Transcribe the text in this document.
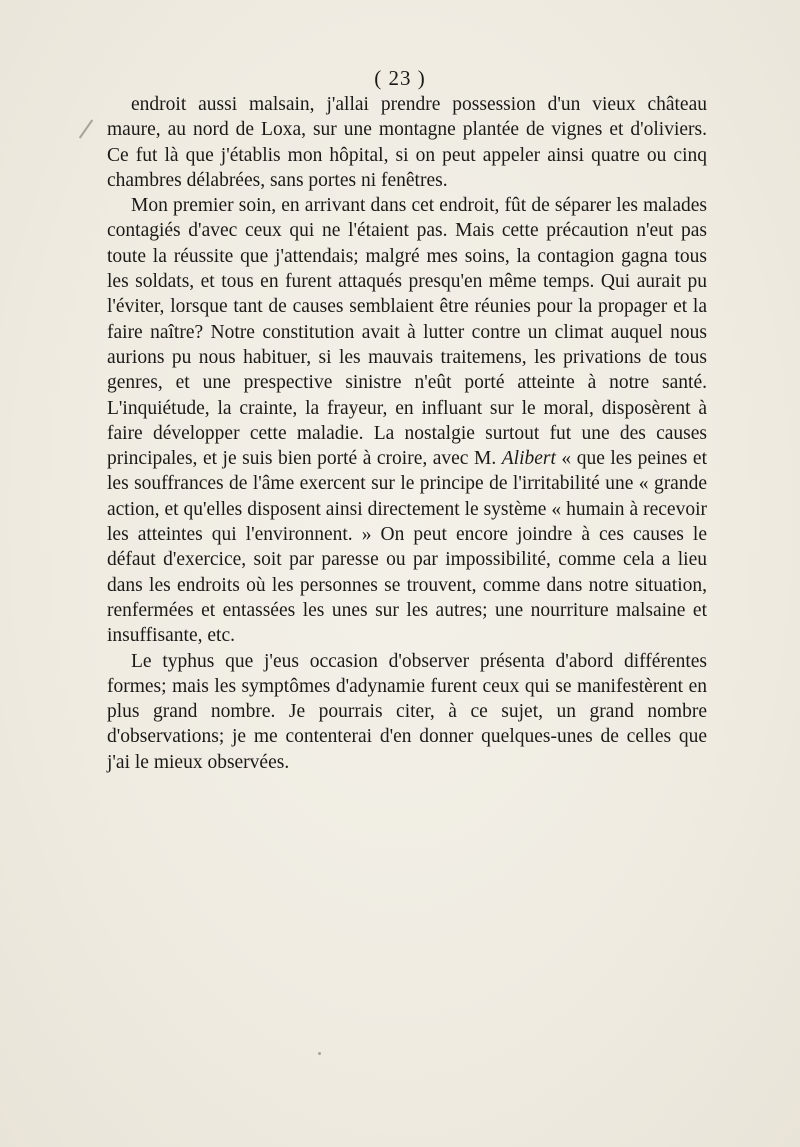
( 23 )

endroit aussi malsain, j'allai prendre possession d'un vieux château maure, au nord de Loxa, sur une montagne plantée de vignes et d'oliviers. Ce fut là que j'établis mon hôpital, si on peut appeler ainsi quatre ou cinq chambres délabrées, sans portes ni fenêtres.

Mon premier soin, en arrivant dans cet endroit, fût de séparer les malades contagiés d'avec ceux qui ne l'étaient pas. Mais cette précaution n'eut pas toute la réussite que j'attendais; malgré mes soins, la contagion gagna tous les soldats, et tous en furent attaqués presqu'en même temps. Qui aurait pu l'éviter, lorsque tant de causes semblaient être réunies pour la propager et la faire naître? Notre constitution avait à lutter contre un climat auquel nous aurions pu nous habituer, si les mauvais traitemens, les privations de tous genres, et une prespective sinistre n'eût porté atteinte à notre santé. L'inquiétude, la crainte, la frayeur, en influant sur le moral, disposèrent à faire développer cette maladie. La nostalgie surtout fut une des causes principales, et je suis bien porté à croire, avec M. Alibert « que les peines et les souffrances de l'âme exercent sur le principe de l'irritabilité une « grande action, et qu'elles disposent ainsi directement le système « humain à recevoir les atteintes qui l'environnent. » On peut encore joindre à ces causes le défaut d'exercice, soit par paresse ou par impossibilité, comme cela a lieu dans les endroits où les personnes se trouvent, comme dans notre situation, renfermées et entassées les unes sur les autres; une nourriture malsaine et insuffisante, etc.

Le typhus que j'eus occasion d'observer présenta d'abord différentes formes; mais les symptômes d'adynamie furent ceux qui se manifestèrent en plus grand nombre. Je pourrais citer, à ce sujet, un grand nombre d'observations; je me contenterai d'en donner quelques-unes de celles que j'ai le mieux observées.
